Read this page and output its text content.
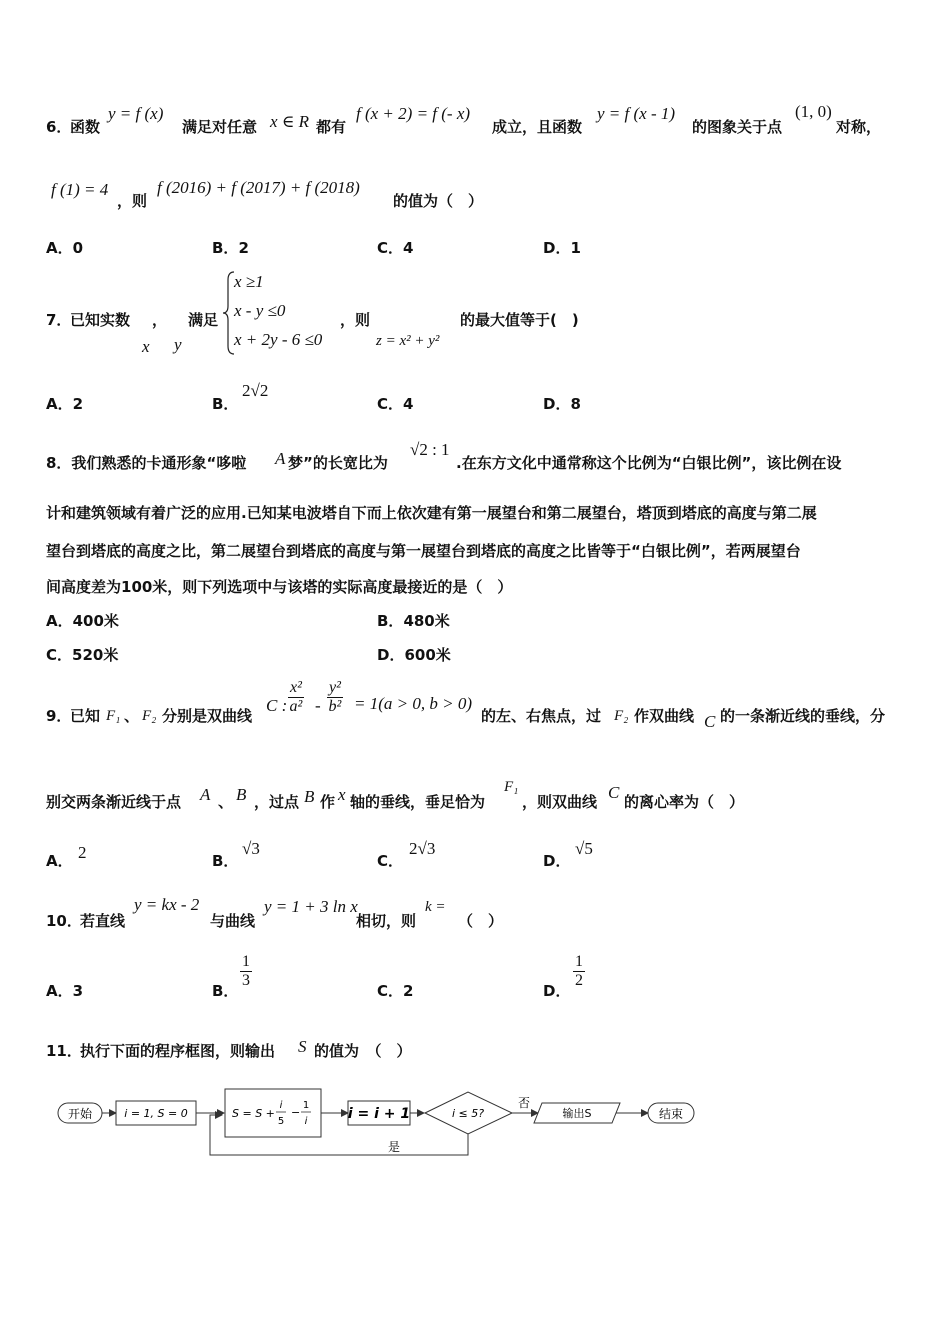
6．
函数
y = f (x)
满足对任意 x ∈ R 都有
f (x + 2) = f (- x)
成立，且函数
y = f (x - 1)
的图象关于点
(1, 0)
对称，
f (1) = 4
，则
f (2016) + f (2017) + f (2018)
的值为（　）
A．0	B．2	C．4	D．1
7．
已知实数 ， 满足
x y
x ≥1
x - y ≤0
x + 2y - 6 ≤0
，则
z = x² + y²
的最大值等于(　)
A．2	B．
2√2
C．4	D．8
8．我们熟悉的卡通形象“哆啦 A 梦”的长宽比为
√2 : 1
.在东方文化中通常称这个比例为“白银比例”，该比例在设
计和建筑领域有着广泛的应用.已知某电波塔自下而上依次建有第一展望台和第二展望台，塔顶到塔底的高度与第二展
望台到塔底的高度之比，第二展望台到塔底的高度与第一展望台到塔底的高度之比皆等于“白银比例”，若两展望台
间高度差为100米，则下列选项中与该塔的实际高度最接近的是（　）
A．400米	B．480米
C．520米	D．600米
9．
已知 F₁ 、 F₂ 分别是双曲线
C : $\frac{\text{x²}}{\text{a²}} - \frac{\text{y²}}{\text{b²}} = 1(a > 0$, b > 0)
的左、右焦点，过 F₂ 作双曲线 C 的一条渐近线的垂线，分
别交两条渐近线于点 A 、 B ，过点 B 作 x 轴的垂线，垂足恰为
F₁
，则双曲线 C 的离心率为（　）
A． 2	B．
√3
C．
2√3
D．
√5
10．
若直线
y = kx - 2
与曲线
y = 1 + 3 ln x
相切，则
k =
（　）
A．3	B．
$\frac{1}{3}$
C．2	D．
$\frac{1}{2}$
11．
执行下面的程序框图，则输出 S 的值为　（　）
开始	i = 1, S = 0	S = S +
i
5
−
1
i	i = i + 1	i ≤ 5?
否
输出S	结束
是
